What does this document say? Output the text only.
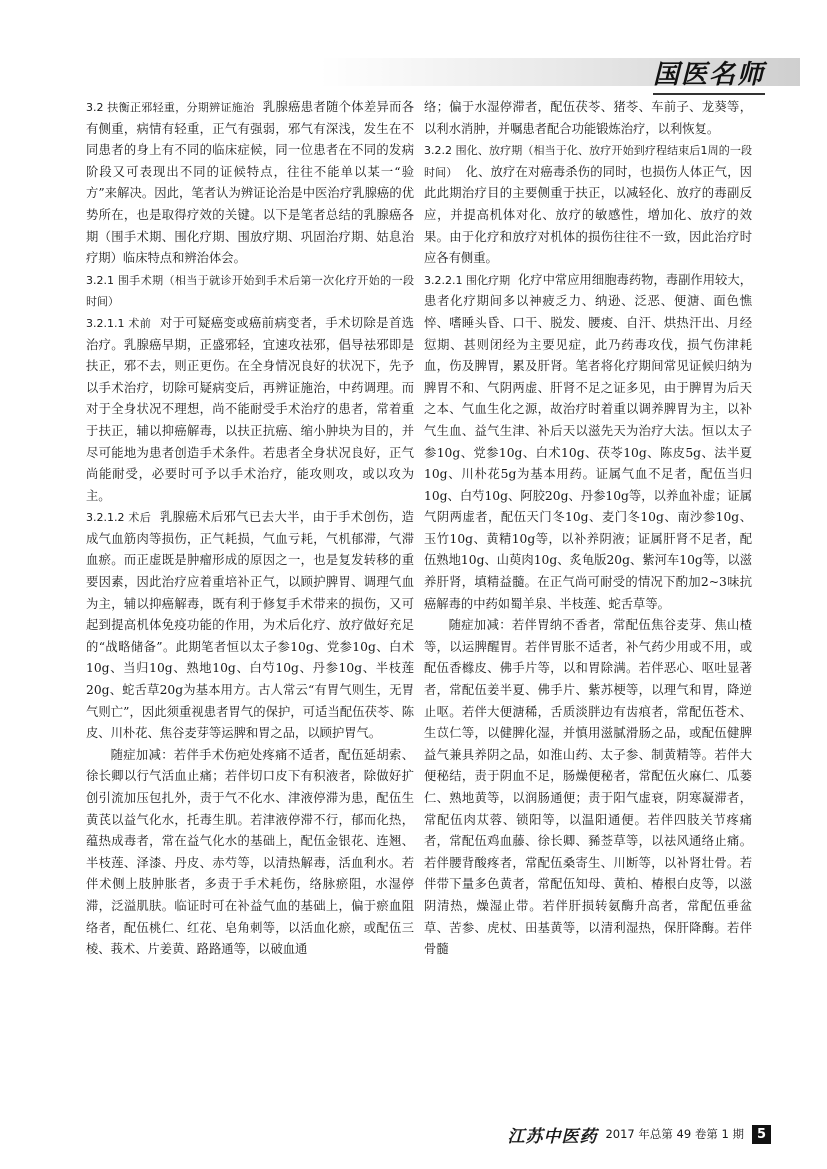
国医名师

3.2 扶衡正邪轻重，分期辨证施治 乳腺癌患者随个体差异而各有侧重，病情有轻重，正气有强弱，邪气有深浅，发生在不同患者的身上有不同的临床症候，同一位患者在不同的发病阶段又可表现出不同的证候特点，往往不能单以某一“验方”来解决。因此，笔者认为辨证论治是中医治疗乳腺癌的优势所在，也是取得疗效的关键。以下是笔者总结的乳腺癌各期（围手术期、围化疗期、围放疗期、巩固治疗期、姑息治疗期）临床特点和辨治体会。

3.2.1 围手术期（相当于就诊开始到手术后第一次化疗开始的一段时间）

3.2.1.1 术前 对于可疑癌变或癌前病变者，手术切除是首选治疗。乳腺癌早期，正盛邪轻，宜速攻祛邪，倡导祛邪即是扶正，邪不去，则正更伤。在全身情况良好的状况下，先予以手术治疗，切除可疑病变后，再辨证施治，中药调理。而对于全身状况不理想，尚不能耐受手术治疗的患者，常着重于扶正，辅以抑癌解毒，以扶正抗癌、缩小肿块为目的，并尽可能地为患者创造手术条件。若患者全身状况良好，正气尚能耐受，必要时可予以手术治疗，能攻则攻，或以攻为主。

3.2.1.2 术后 乳腺癌术后邪气已去大半，由于手术创伤，造成气血筋肉等损伤，正气耗损，气血亏耗，气机郁滞，气滞血瘀。而正虚既是肿瘤形成的原因之一，也是复发转移的重要因素，因此治疗应着重培补正气，以顾护脾胃、调理气血为主，辅以抑癌解毒，既有利于修复手术带来的损伤，又可起到提高机体免疫功能的作用，为术后化疗、放疗做好充足的“战略储备”。此期笔者恒以太子参10g、党参10g、白术10g、当归10g、熟地10g、白芍10g、丹参10g、半枝莲20g、蛇舌草20g为基本用方。古人常云“有胃气则生，无胃气则亡”，因此须重视患者胃气的保护，可适当配伍茯苓、陈皮、川朴花、焦谷麦芽等运脾和胃之品，以顾护胃气。

随症加减：若伴手术伤疤处疼痛不适者，配伍延胡索、徐长卿以行气活血止痛；若伴切口皮下有积液者，除做好扩创引流加压包扎外，责于气不化水、津液停滞为患，配伍生黄芪以益气化水，托毒生肌。若津液停滞不行，郁而化热，蕴热成毒者，常在益气化水的基础上，配伍金银花、连翘、半枝莲、泽漆、丹皮、赤芍等，以清热解毒，活血利水。若伴术侧上肢肿胀者，多责于手术耗伤，络脉瘀阻，水湿停滞，泛溢肌肤。临证时可在补益气血的基础上，偏于瘀血阻络者，配伍桃仁、红花、皂角刺等，以活血化瘀，或配伍三棱、莪术、片姜黄、路路通等，以破血通

络；偏于水湿停滞者，配伍茯苓、猪苓、车前子、龙葵等，以利水消肿，并嘱患者配合功能锻炼治疗，以利恢复。

3.2.2 围化、放疗期（相当于化、放疗开始到疗程结束后1周的一段时间） 化、放疗在对癌毒杀伤的同时，也损伤人体正气，因此此期治疗目的主要侧重于扶正，以减轻化、放疗的毒副反应，并提高机体对化、放疗的敏感性，增加化、放疗的效果。由于化疗和放疗对机体的损伤往往不一致，因此治疗时应各有侧重。

3.2.2.1 围化疗期 化疗中常应用细胞毒药物，毒副作用较大，患者化疗期间多以神疲乏力、纳逊、泛恶、便溏、面色憔悴、嗜睡头昏、口干、脱发、腰痠、自汗、烘热汗出、月经愆期、甚则闭经为主要见症，此乃药毒攻伐，损气伤津耗血，伤及脾胃，累及肝肾。笔者将化疗期间常见证候归纳为脾胃不和、气阴两虚、肝肾不足之证多见，由于脾胃为后天之本、气血生化之源，故治疗时着重以调养脾胃为主，以补气生血、益气生津、补后天以滋先天为治疗大法。恒以太子参10g、党参10g、白术10g、茯苓10g、陈皮5g、法半夏10g、川朴花5g为基本用药。证属气血不足者，配伍当归10g、白芍10g、阿胶20g、丹参10g等，以养血补虚；证属气阴两虚者，配伍天门冬10g、麦门冬10g、南沙参10g、玉竹10g、黄精10g等，以补养阴液；证属肝肾不足者，配伍熟地10g、山萸肉10g、炙龟版20g、紫河车10g等，以滋养肝肾，填精益髓。在正气尚可耐受的情况下酌加2~3味抗癌解毒的中药如蜀羊泉、半枝莲、蛇舌草等。

随症加减：若伴胃纳不香者，常配伍焦谷麦芽、焦山楂等，以运脾醒胃。若伴胃胀不适者，补气药少用或不用，或配伍香橼皮、佛手片等，以和胃除满。若伴恶心、呕吐显著者，常配伍姜半夏、佛手片、紫苏梗等，以理气和胃，降逆止呕。若伴大便溏稀，舌质淡胖边有齿痕者，常配伍苍术、生苡仁等，以健脾化湿，并慎用滋腻滑肠之品，或配伍健脾益气兼具养阴之品，如淮山药、太子参、制黄精等。若伴大便秘结，责于阴血不足，肠燥便秘者，常配伍火麻仁、瓜蒌仁、熟地黄等，以润肠通便；责于阳气虚衰，阴寒凝滞者，常配伍肉苁蓉、锁阳等，以温阳通便。若伴四肢关节疼痛者，常配伍鸡血藤、徐长卿、豨莶草等，以祛风通络止痛。若伴腰背酸疼者，常配伍桑寄生、川断等，以补肾壮骨。若伴带下量多色黄者，常配伍知母、黄柏、椿根白皮等，以滋阴清热，燥湿止带。若伴肝损转氨酶升高者，常配伍垂盆草、苦参、虎杖、田基黄等，以清利湿热，保肝降酶。若伴骨髓

江苏中医药 2017 年总第 49 卷第 1 期	5
